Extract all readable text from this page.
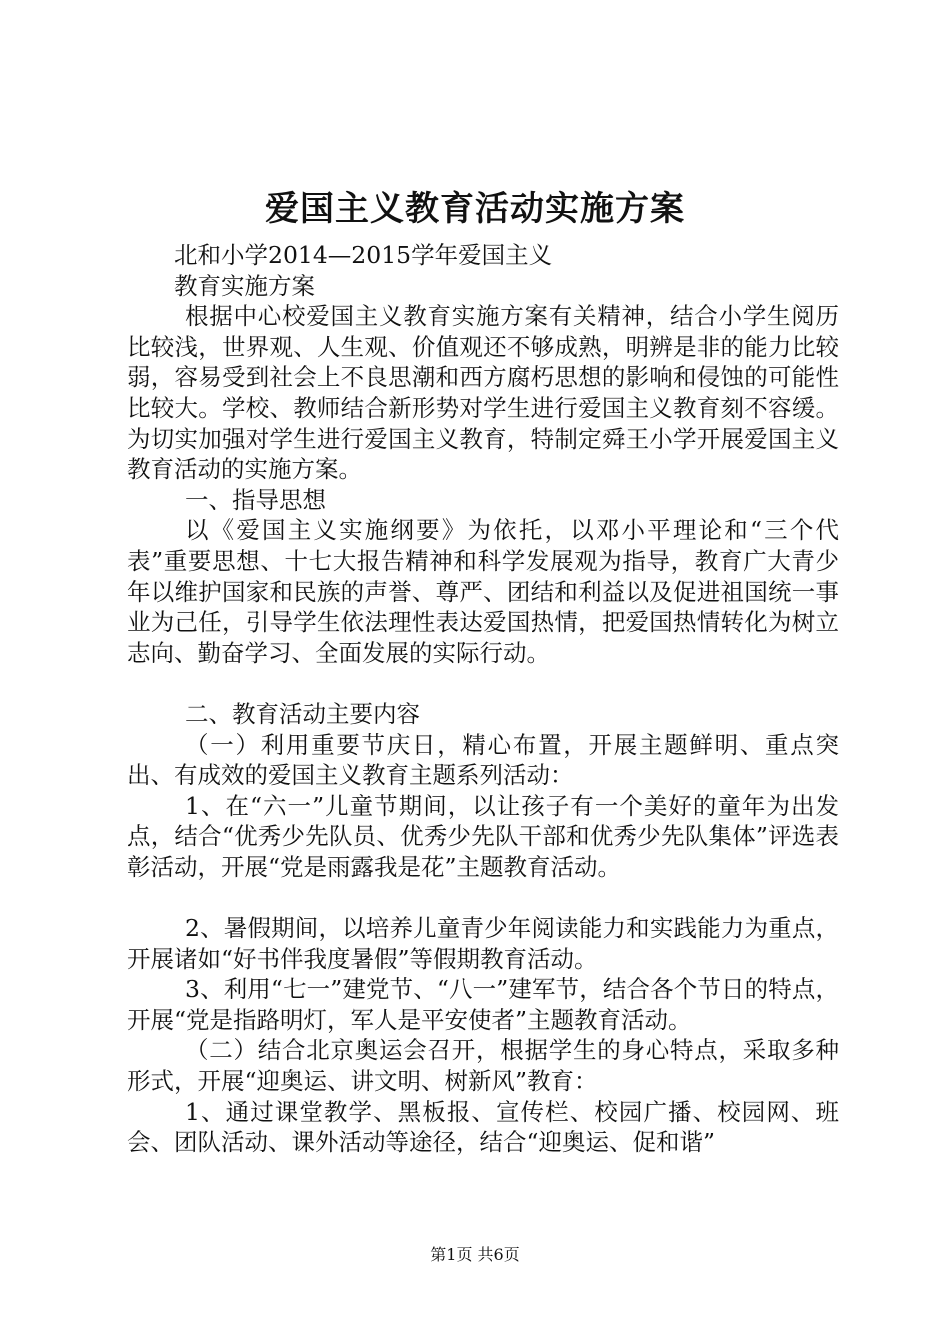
爱国主义教育活动实施方案

北和小学2014—2015学年爱国主义

教育实施方案

根据中心校爱国主义教育实施方案有关精神，结合小学生阅历比较浅，世界观、人生观、价值观还不够成熟，明辨是非的能力比较弱，容易受到社会上不良思潮和西方腐朽思想的影响和侵蚀的可能性比较大。学校、教师结合新形势对学生进行爱国主义教育刻不容缓。为切实加强对学生进行爱国主义教育，特制定舜王小学开展爱国主义教育活动的实施方案。

一、指导思想

以《爱国主义实施纲要》为依托，以邓小平理论和“三个代表”重要思想、十七大报告精神和科学发展观为指导，教育广大青少年以维护国家和民族的声誉、尊严、团结和利益以及促进祖国统一事业为己任，引导学生依法理性表达爱国热情，把爱国热情转化为树立志向、勤奋学习、全面发展的实际行动。

二、教育活动主要内容

（一）利用重要节庆日，精心布置，开展主题鲜明、重点突出、有成效的爱国主义教育主题系列活动：

1、在“六一”儿童节期间，以让孩子有一个美好的童年为出发点，结合“优秀少先队员、优秀少先队干部和优秀少先队集体”评选表彰活动，开展“党是雨露我是花”主题教育活动。

2、暑假期间，以培养儿童青少年阅读能力和实践能力为重点，开展诸如“好书伴我度暑假”等假期教育活动。

3、利用“七一”建党节、“八一”建军节，结合各个节日的特点，开展“党是指路明灯，军人是平安使者”主题教育活动。

（二）结合北京奥运会召开，根据学生的身心特点，采取多种形式，开展“迎奥运、讲文明、树新风”教育：

1、通过课堂教学、黑板报、宣传栏、校园广播、校园网、班会、团队活动、课外活动等途径，结合“迎奥运、促和谐”

第1页 共6页
